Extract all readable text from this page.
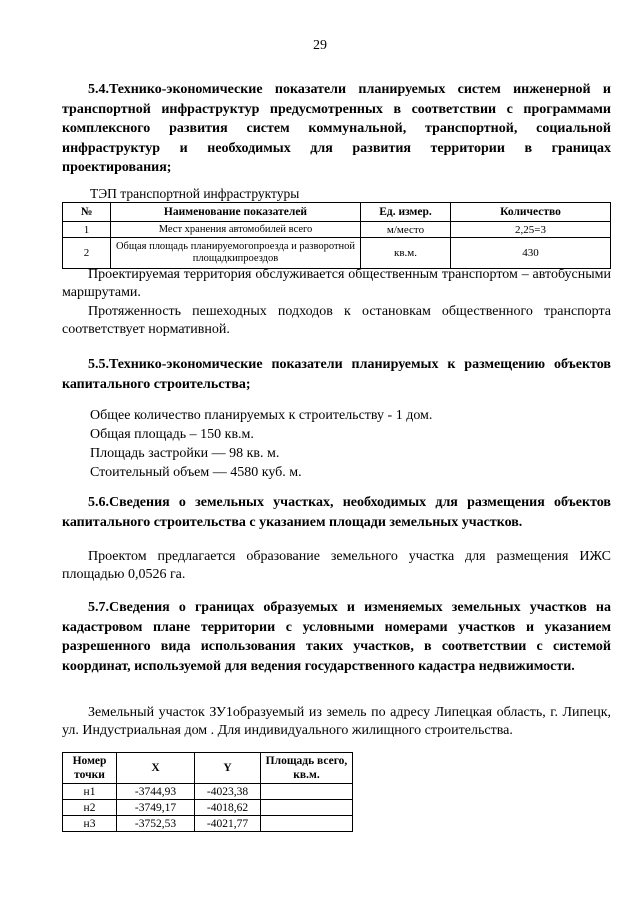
29
5.4.Технико-экономические показатели планируемых систем инженерной и транспортной инфраструктур предусмотренных в соответствии с программами комплексного развития систем коммунальной, транспортной, социальной инфраструктур и необходимых для развития территории в границах проектирования;
ТЭП транспортной инфраструктуры
№	Наименование показателей	Ед. измер.	Количество
1	Мест хранения автомобилей всего	м/место	2,25=3
2	Общая площадь планируемогопроезда и разворотной площадкипроездов	кв.м.	430
Проектируемая территория обслуживается общественным транспортом – автобусными маршрутами.
Протяженность пешеходных подходов к остановкам общественного транспорта соответствует нормативной.
5.5.Технико-экономические показатели планируемых к размещению объектов капитального строительства;
Общее количество планируемых к строительству - 1 дом.
Общая площадь – 150 кв.м.
Площадь застройки — 98 кв. м.
Стоительный объем — 4580 куб. м.
5.6.Сведения о земельных участках, необходимых для размещения объектов капитального строительства с указанием площади земельных участков.
Проектом предлагается образование земельного участка для размещения ИЖС площадью 0,0526 га.
5.7.Сведения о границах образуемых и изменяемых земельных участков на кадастровом плане территории с условными номерами участков и указанием разрешенного вида использования таких участков, в соответствии с системой координат, используемой для ведения государственного кадастра недвижимости.
Земельный участок ЗУ1образуемый из земель по адресу Липецкая область, г. Липецк, ул. Индустриальная дом . Для индивидуального жилищного строительства.
Номер точки	X	Y	Площадь всего, кв.м.
н1	-3744,93	-4023,38	
н2	-3749,17	-4018,62	
н3	-3752,53	-4021,77	
